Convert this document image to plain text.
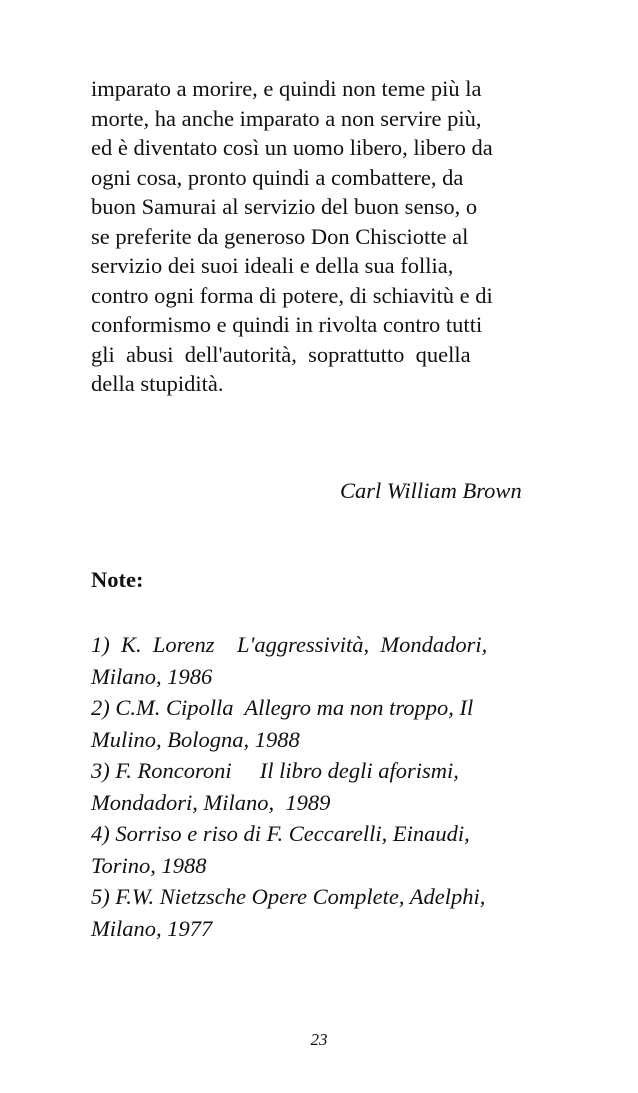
imparato a morire, e quindi non teme più la
morte, ha anche imparato a non servire più,
ed è diventato così un uomo libero, libero da
ogni cosa, pronto quindi a combattere, da
buon Samurai al servizio del buon senso, o
se preferite da generoso Don Chisciotte al
servizio dei suoi ideali e della sua follia,
contro ogni forma di potere, di schiavitù e di
conformismo e quindi in rivolta contro tutti
gli  abusi  dell'autorità,  soprattutto  quella
della stupidità.

Carl William Brown
Note:
1)  K.  Lorenz    L'aggressività,  Mondadori,
Milano, 1986
2) C.M. Cipolla  Allegro ma non troppo, Il
Mulino, Bologna, 1988
3) F. Roncoroni     Il libro degli aforismi,
Mondadori, Milano,  1989
4) Sorriso e riso di F. Ceccarelli, Einaudi,
Torino, 1988
5) F.W. Nietzsche Opere Complete, Adelphi,
Milano, 1977
23
